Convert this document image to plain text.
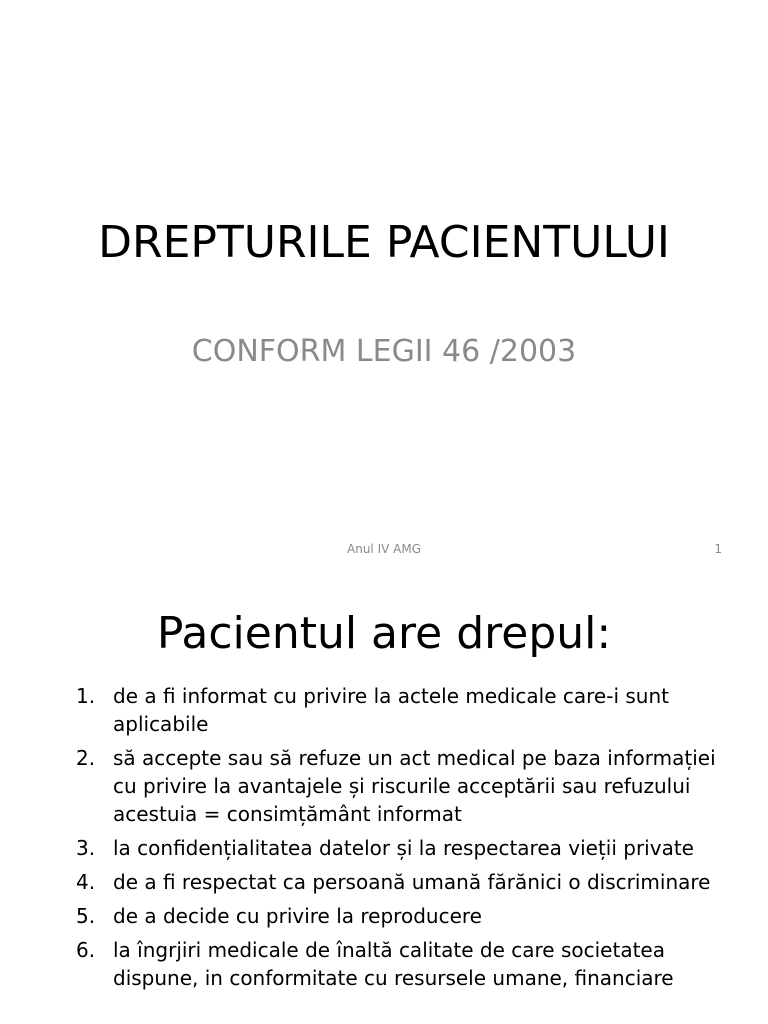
DREPTURILE PACIENTULUI
CONFORM LEGII 46 /2003
Anul IV AMG	1
Pacientul are drepul:
1. de a fi informat cu privire la actele medicale care-i sunt aplicabile
2. să accepte sau să refuze un act medical pe baza informației cu privire la avantajele și riscurile acceptării sau refuzului acestuia = consimțământ informat
3. la confidențialitatea datelor și la respectarea vieții private
4. de a fi respectat ca persoană umană fărănici o discriminare
5. de a decide cu privire la reproducere
6. la îngrjiri medicale de înaltă calitate de care societatea dispune, in conformitate cu resursele umane, financiare
